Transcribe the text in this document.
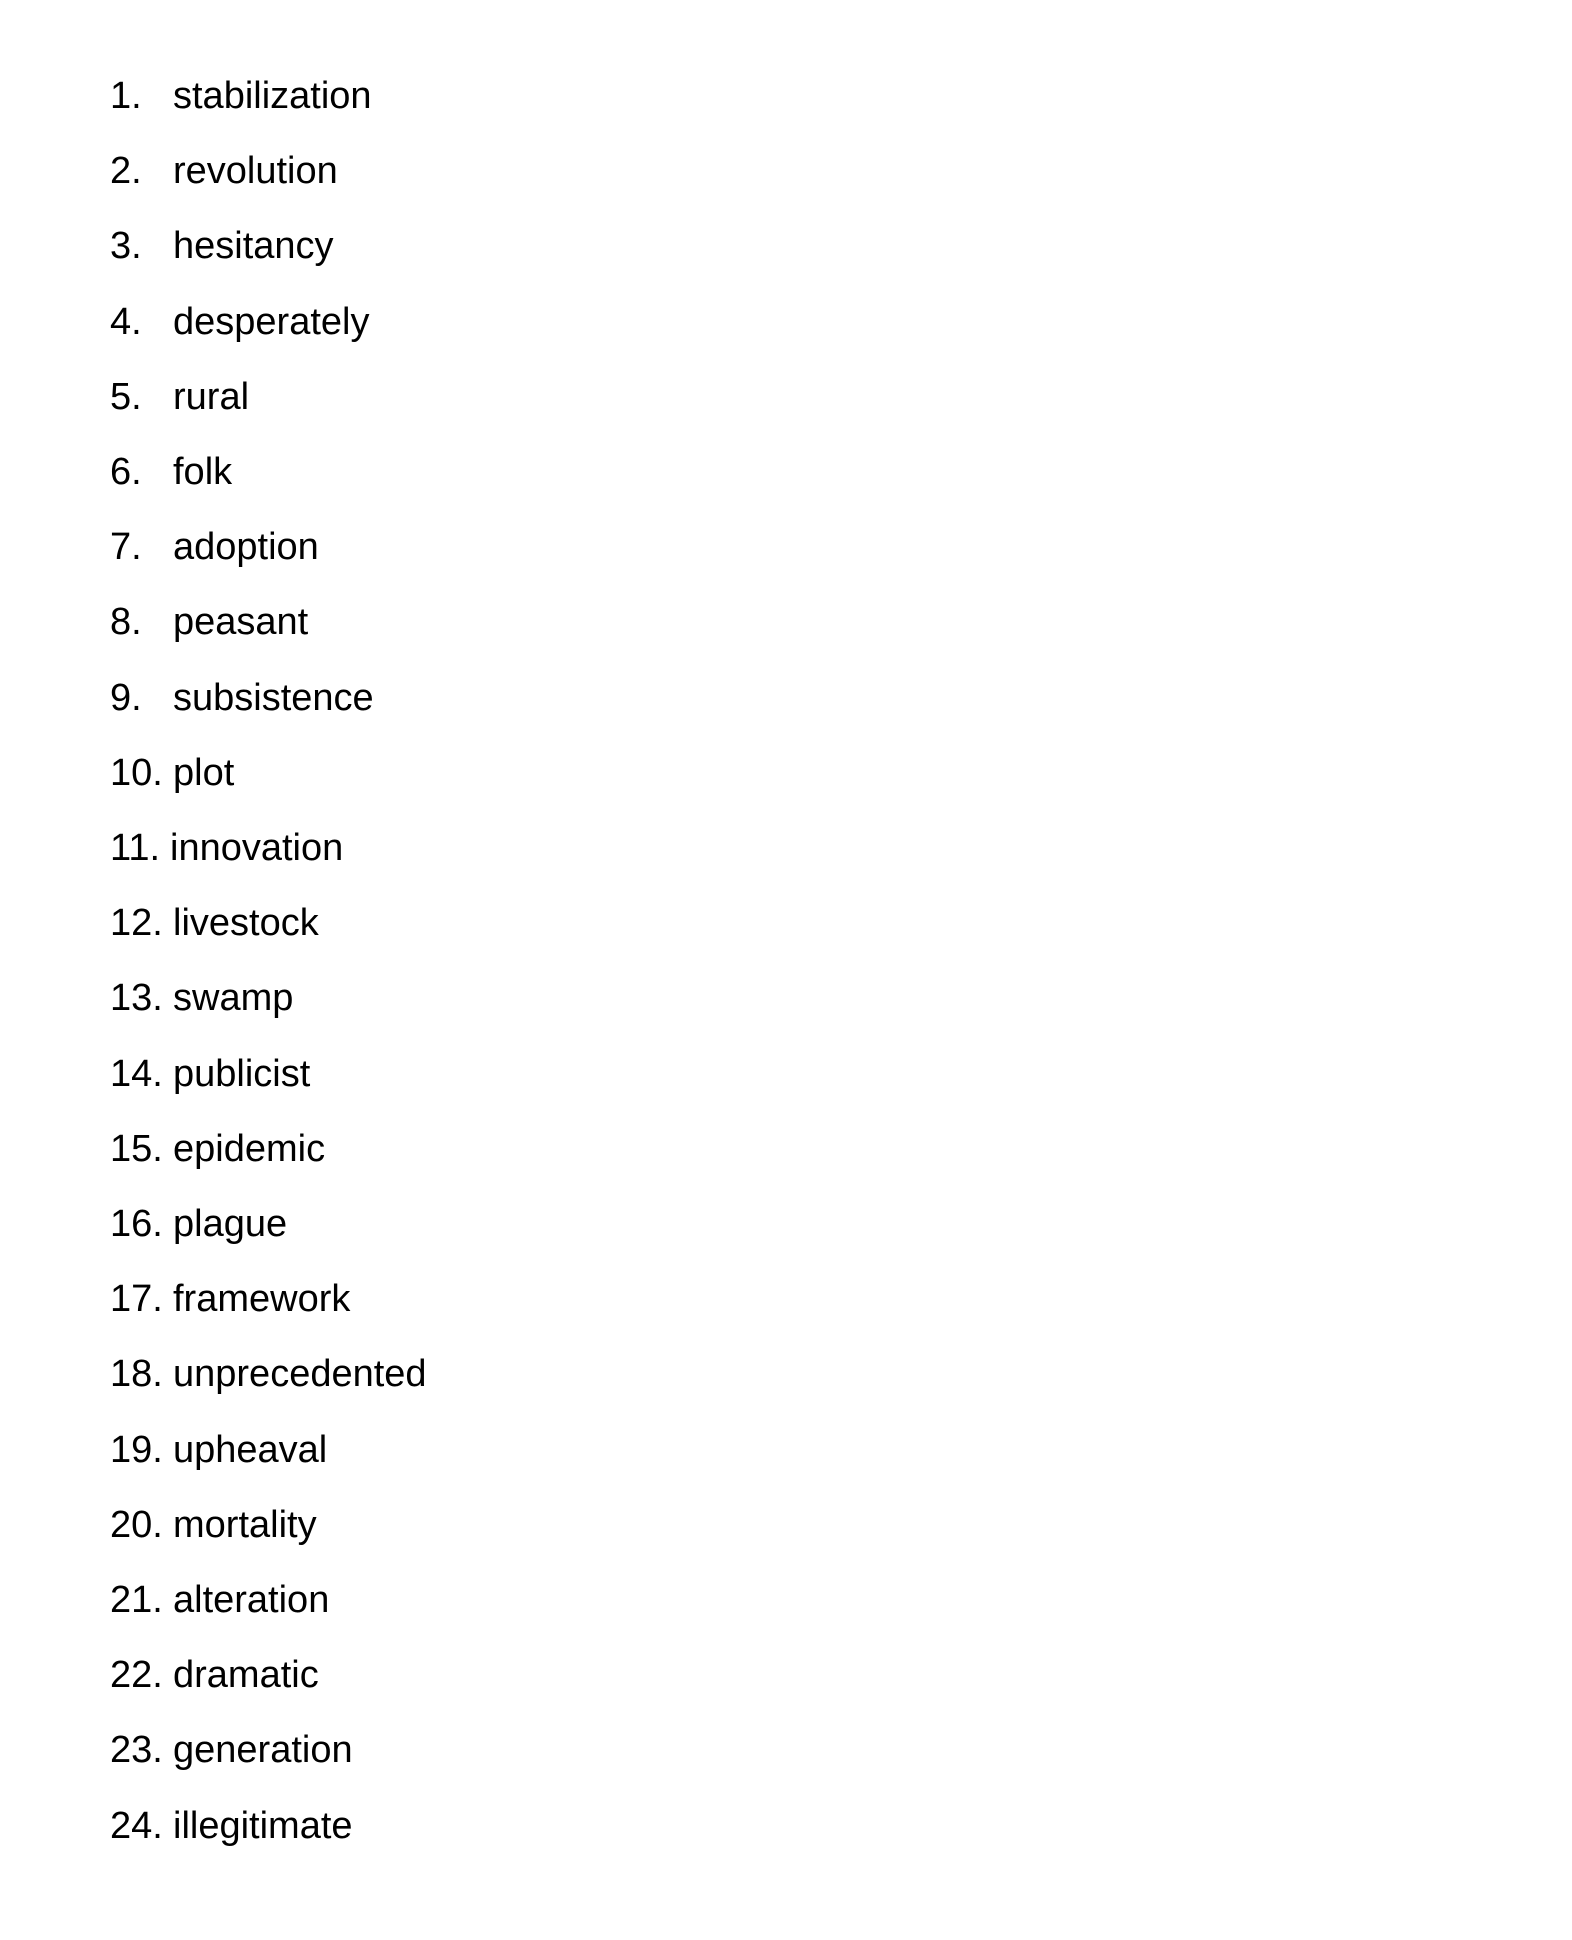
1. stabilization
2. revolution
3. hesitancy
4. desperately
5. rural
6. folk
7. adoption
8. peasant
9. subsistence
10. plot
11. innovation
12. livestock
13. swamp
14. publicist
15. epidemic
16. plague
17. framework
18. unprecedented
19. upheaval
20. mortality
21. alteration
22. dramatic
23. generation
24. illegitimate
